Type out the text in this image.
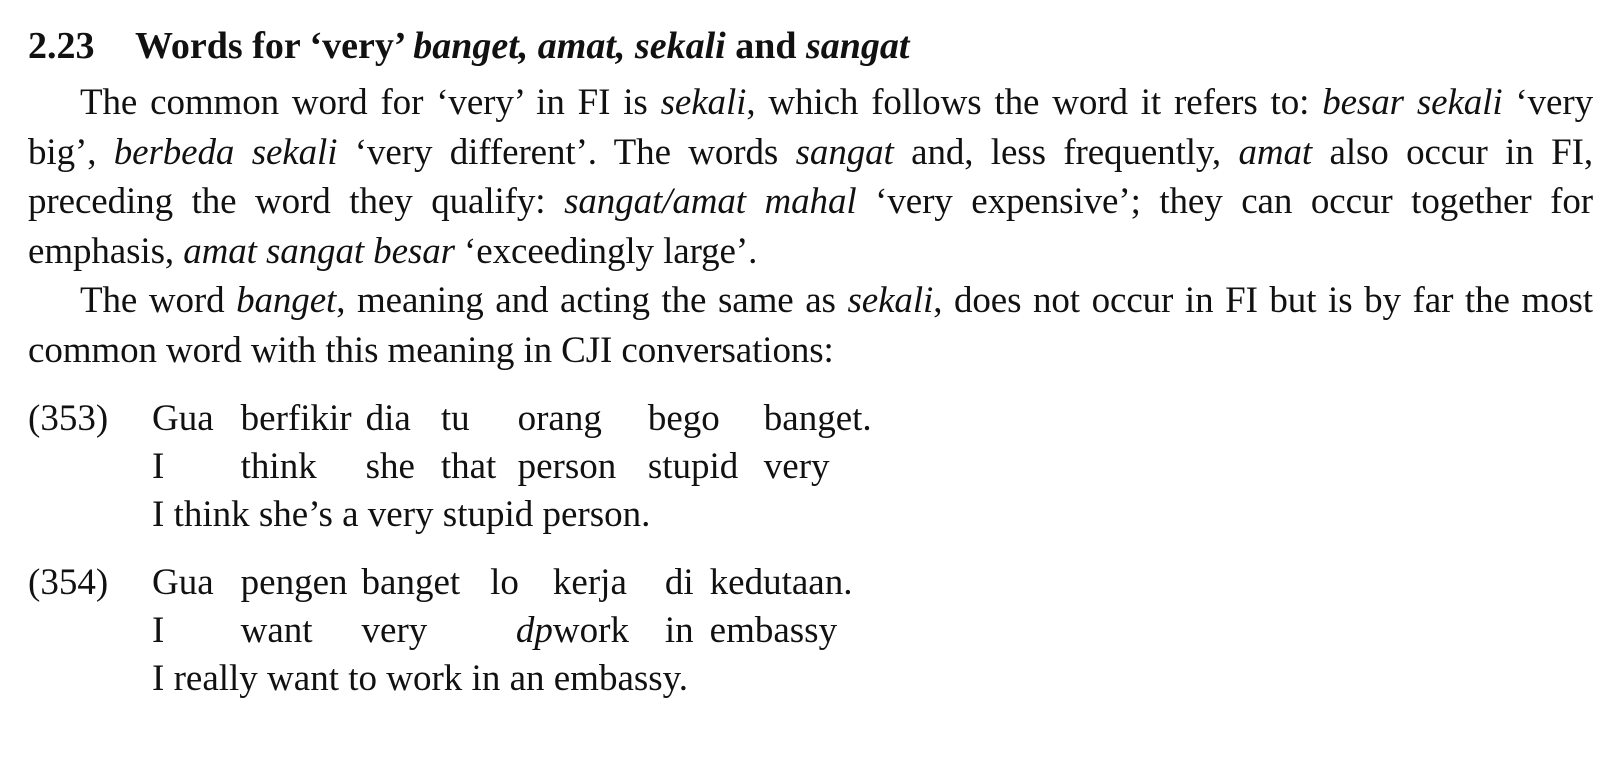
2.23 Words for ‘very’ banget, amat, sekali and sangat

The common word for ‘very’ in FI is sekali, which follows the word it refers to: besar sekali ‘very big’, berbeda sekali ‘very different’. The words sangat and, less frequently, amat also occur in FI, preceding the word they qualify: sangat/amat mahal ‘very expensive’; they can occur together for emphasis, amat sangat besar ‘exceedingly large’.

The word banget, meaning and acting the same as sekali, does not occur in FI but is by far the most common word with this meaning in CJI conversations:

(353) Gua	berfikir	dia	tu	orang	bego	banget.
I	think	she	that	person	stupid	very
I think she’s a very stupid person.
(354) Gua	pengen	banget	lo	kerja	di	kedutaan.
I	want	very	dp	work	in	embassy
I really want to work in an embassy.
